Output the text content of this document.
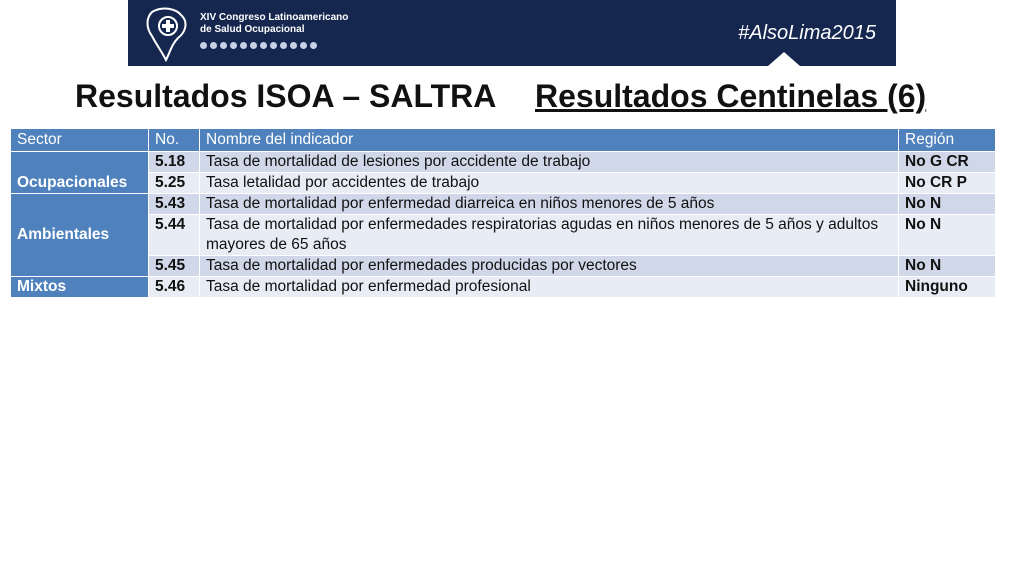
XIV Congreso Latinoamericano
de Salud Ocupacional	#AlsoLima2015
Resultados ISOA – SALTRA Resultados Centinelas (6)
Sector	No.	Nombre del indicador	Región
Ocupacionales	5.18	Tasa de mortalidad de lesiones por accidente de trabajo	No G CR
	5.25	Tasa letalidad por accidentes de trabajo	No CR P
Ambientales	5.43	Tasa de mortalidad por enfermedad diarreica en niños menores de 5 años	No N
	5.44	Tasa de mortalidad por enfermedades respiratorias agudas en niños menores de 5 años y adultos mayores de 65 años	No N
	5.45	Tasa de mortalidad por enfermedades producidas por vectores	No N
Mixtos	5.46	Tasa de mortalidad por enfermedad profesional	Ninguno
